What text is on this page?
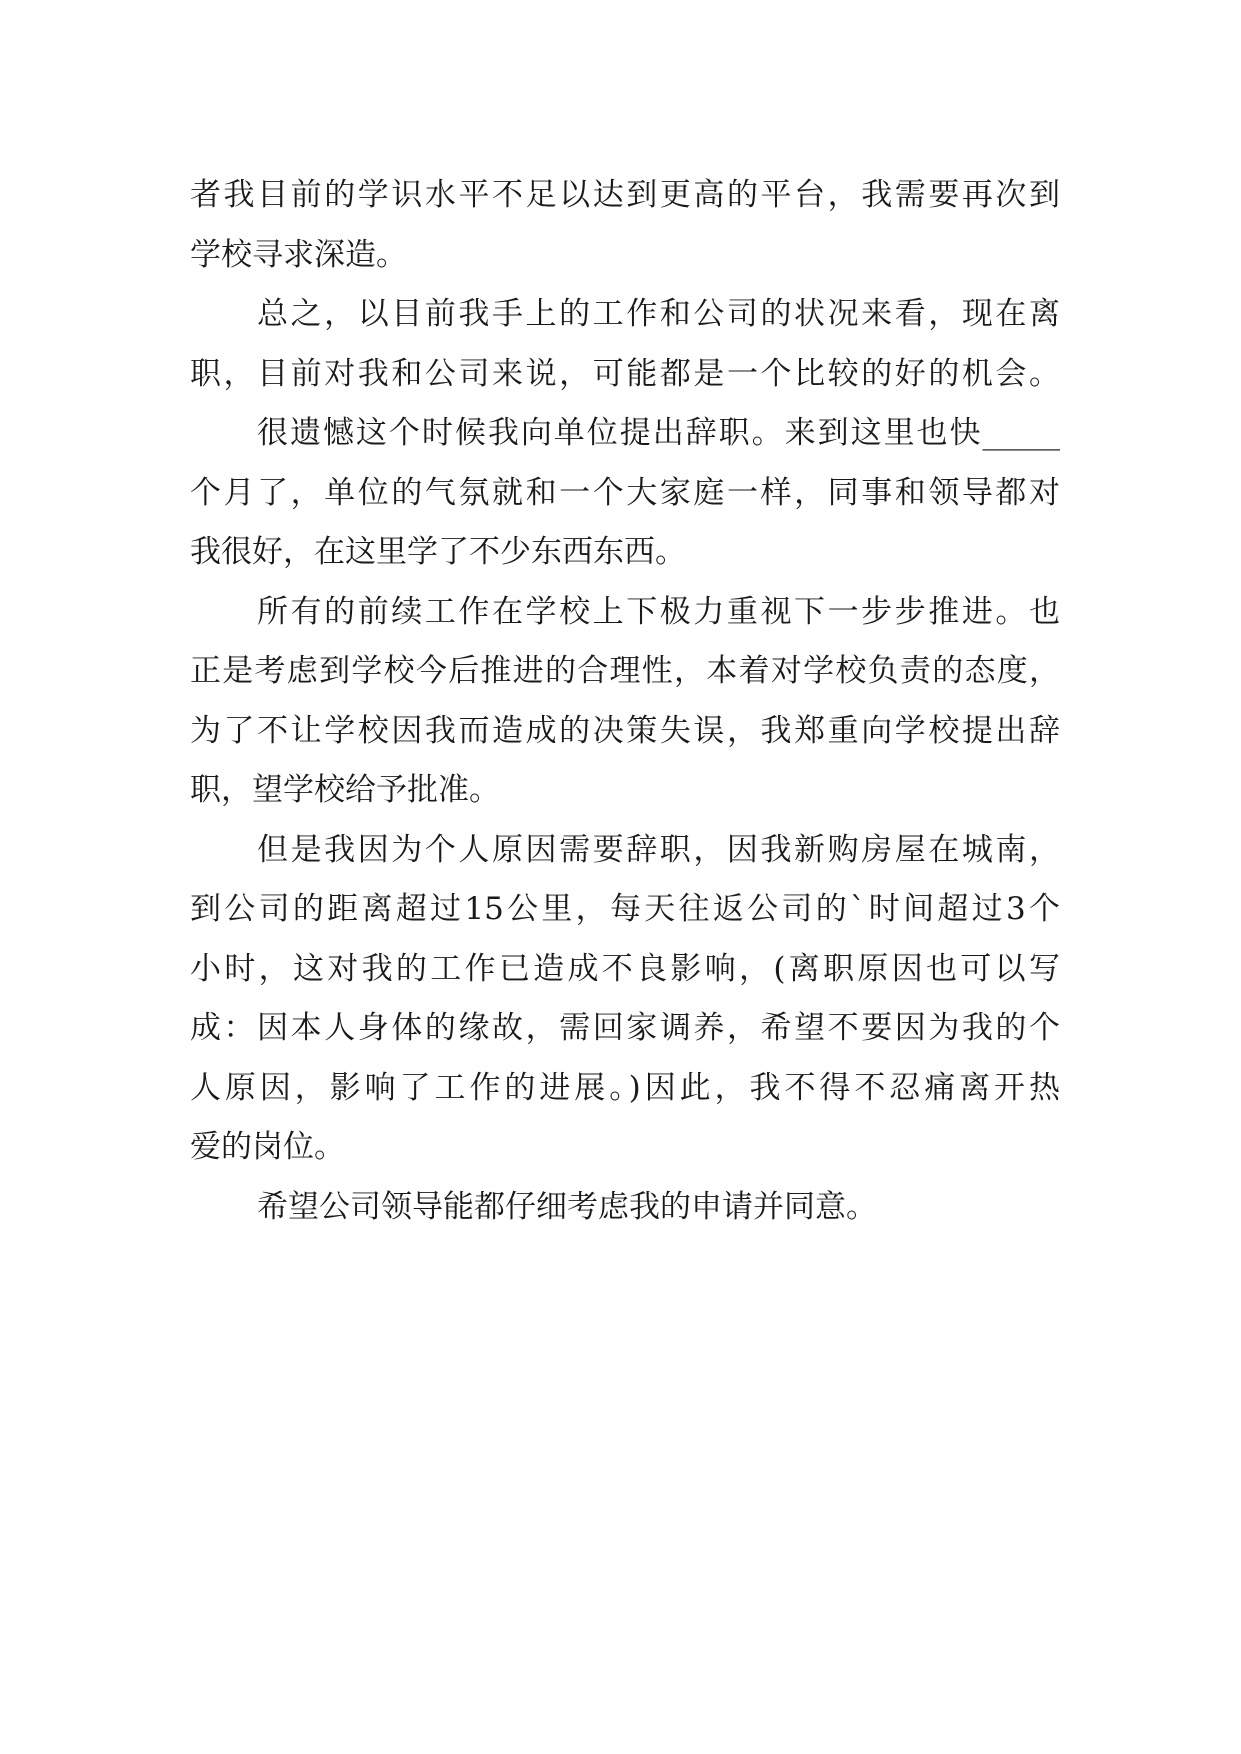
者我目前的学识水平不足以达到更高的平台，我需要再次到
学校寻求深造。
总之，以目前我手上的工作和公司的状况来看，现在离
职，目前对我和公司来说，可能都是一个比较的好的机会。
很遗憾这个时候我向单位提出辞职。来到这里也快_____
个月了，单位的气氛就和一个大家庭一样，同事和领导都对
我很好，在这里学了不少东西东西。
所有的前续工作在学校上下极力重视下一步步推进。也
正是考虑到学校今后推进的合理性，本着对学校负责的态度，
为了不让学校因我而造成的决策失误，我郑重向学校提出辞
职，望学校给予批准。
但是我因为个人原因需要辞职，因我新购房屋在城南，
到公司的距离超过15公里，每天往返公司的`时间超过3个
小时，这对我的工作已造成不良影响，(离职原因也可以写
成：因本人身体的缘故，需回家调养，希望不要因为我的个
人原因，影响了工作的进展。)因此，我不得不忍痛离开热
爱的岗位。
希望公司领导能都仔细考虑我的申请并同意。
